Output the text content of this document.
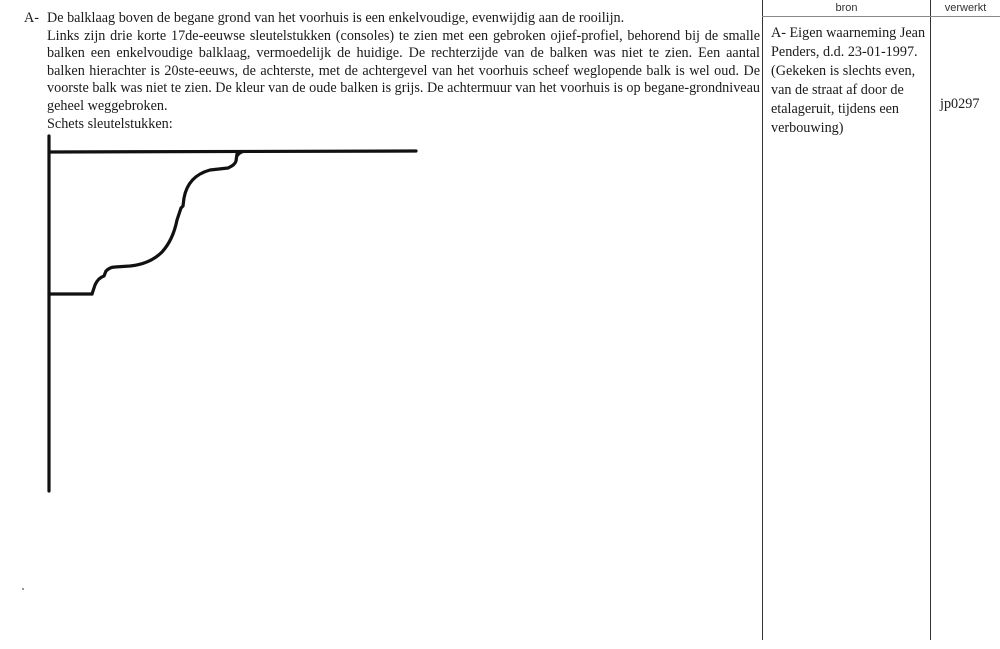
A- De balklaag boven de begane grond van het voorhuis is een enkelvoudige, evenwijdig aan de rooilijn.

Links zijn drie korte 17de-eeuwse sleutelstukken (consoles) te zien met een gebroken ojief-profiel, behorend bij de smalle balken een enkelvoudige balklaag, vermoedelijk de huidige. De rechterzijde van de balken was niet te zien. Een aantal balken hierachter is 20ste-eeuws, de achterste, met de achtergevel van het voorhuis scheef weglopende balk is wel oud. De voorste balk was niet te zien. De kleur van de oude balken is grijs. De achtermuur van het voorhuis is op begane-grondniveau geheel weggebroken.

Schets sleutelstukken:
bron	verwerkt
A- Eigen waarneming Jean
Penders, d.d. 23-01-1997.
(Gekeken is slechts even,
van de straat af door de
etalageruit, tijdens een
verbouwing)
jp0297
